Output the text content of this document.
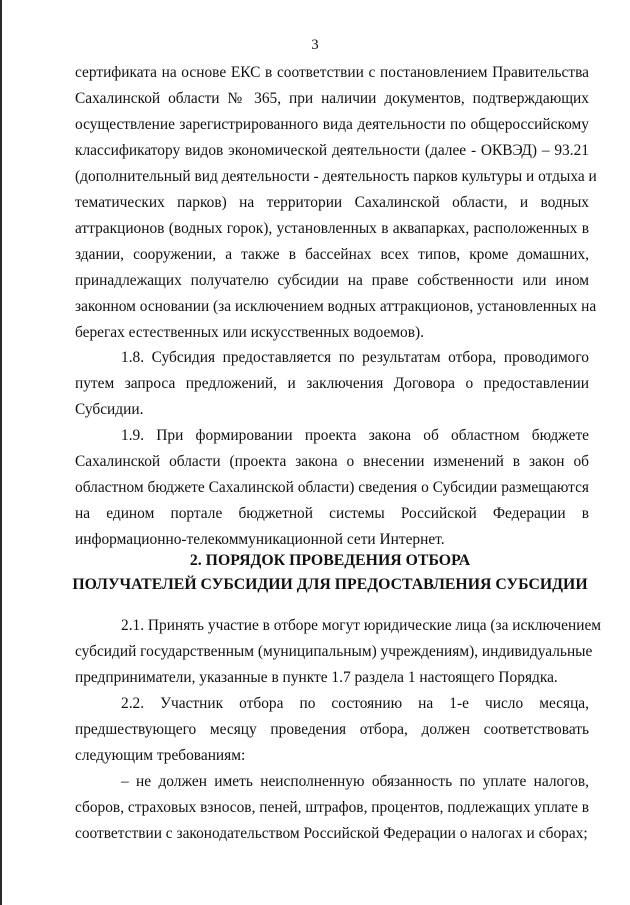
3
сертификата на основе ЕКС в соответствии с постановлением Правительства
Сахалинской области № 365, при наличии документов, подтверждающих
осуществление зарегистрированного вида деятельности по общероссийскому
классификатору видов экономической деятельности (далее - ОКВЭД) – 93.21
(дополнительный вид деятельности - деятельность парков культуры и отдыха и
тематических парков) на территории Сахалинской области, и водных
аттракционов (водных горок), установленных в аквапарках, расположенных в
здании, сооружении, а также в бассейнах всех типов, кроме домашних,
принадлежащих получателю субсидии на праве собственности или ином
законном основании (за исключением водных аттракционов, установленных на
берегах естественных или искусственных водоемов).
1.8. Субсидия предоставляется по результатам отбора, проводимого
путем запроса предложений, и заключения Договора о предоставлении
Субсидии.
1.9. При формировании проекта закона об областном бюджете
Сахалинской области (проекта закона о внесении изменений в закон об
областном бюджете Сахалинской области) сведения о Субсидии размещаются
на едином портале бюджетной системы Российской Федерации в
информационно-телекоммуникационной сети Интернет.
2.1. Принять участие в отборе могут юридические лица (за исключением
субсидий государственным (муниципальным) учреждениям), индивидуальные
предприниматели, указанные в пункте 1.7 раздела 1 настоящего Порядка.
2.2. Участник отбора по состоянию на 1-е число месяца,
предшествующего месяцу проведения отбора, должен соответствовать
следующим требованиям:
– не должен иметь неисполненную обязанность по уплате налогов,
сборов, страховых взносов, пеней, штрафов, процентов, подлежащих уплате в
соответствии с законодательством Российской Федерации о налогах и сборах;
2. ПОРЯДОК ПРОВЕДЕНИЯ ОТБОРА
ПОЛУЧАТЕЛЕЙ СУБСИДИИ ДЛЯ ПРЕДОСТАВЛЕНИЯ СУБСИДИИ
